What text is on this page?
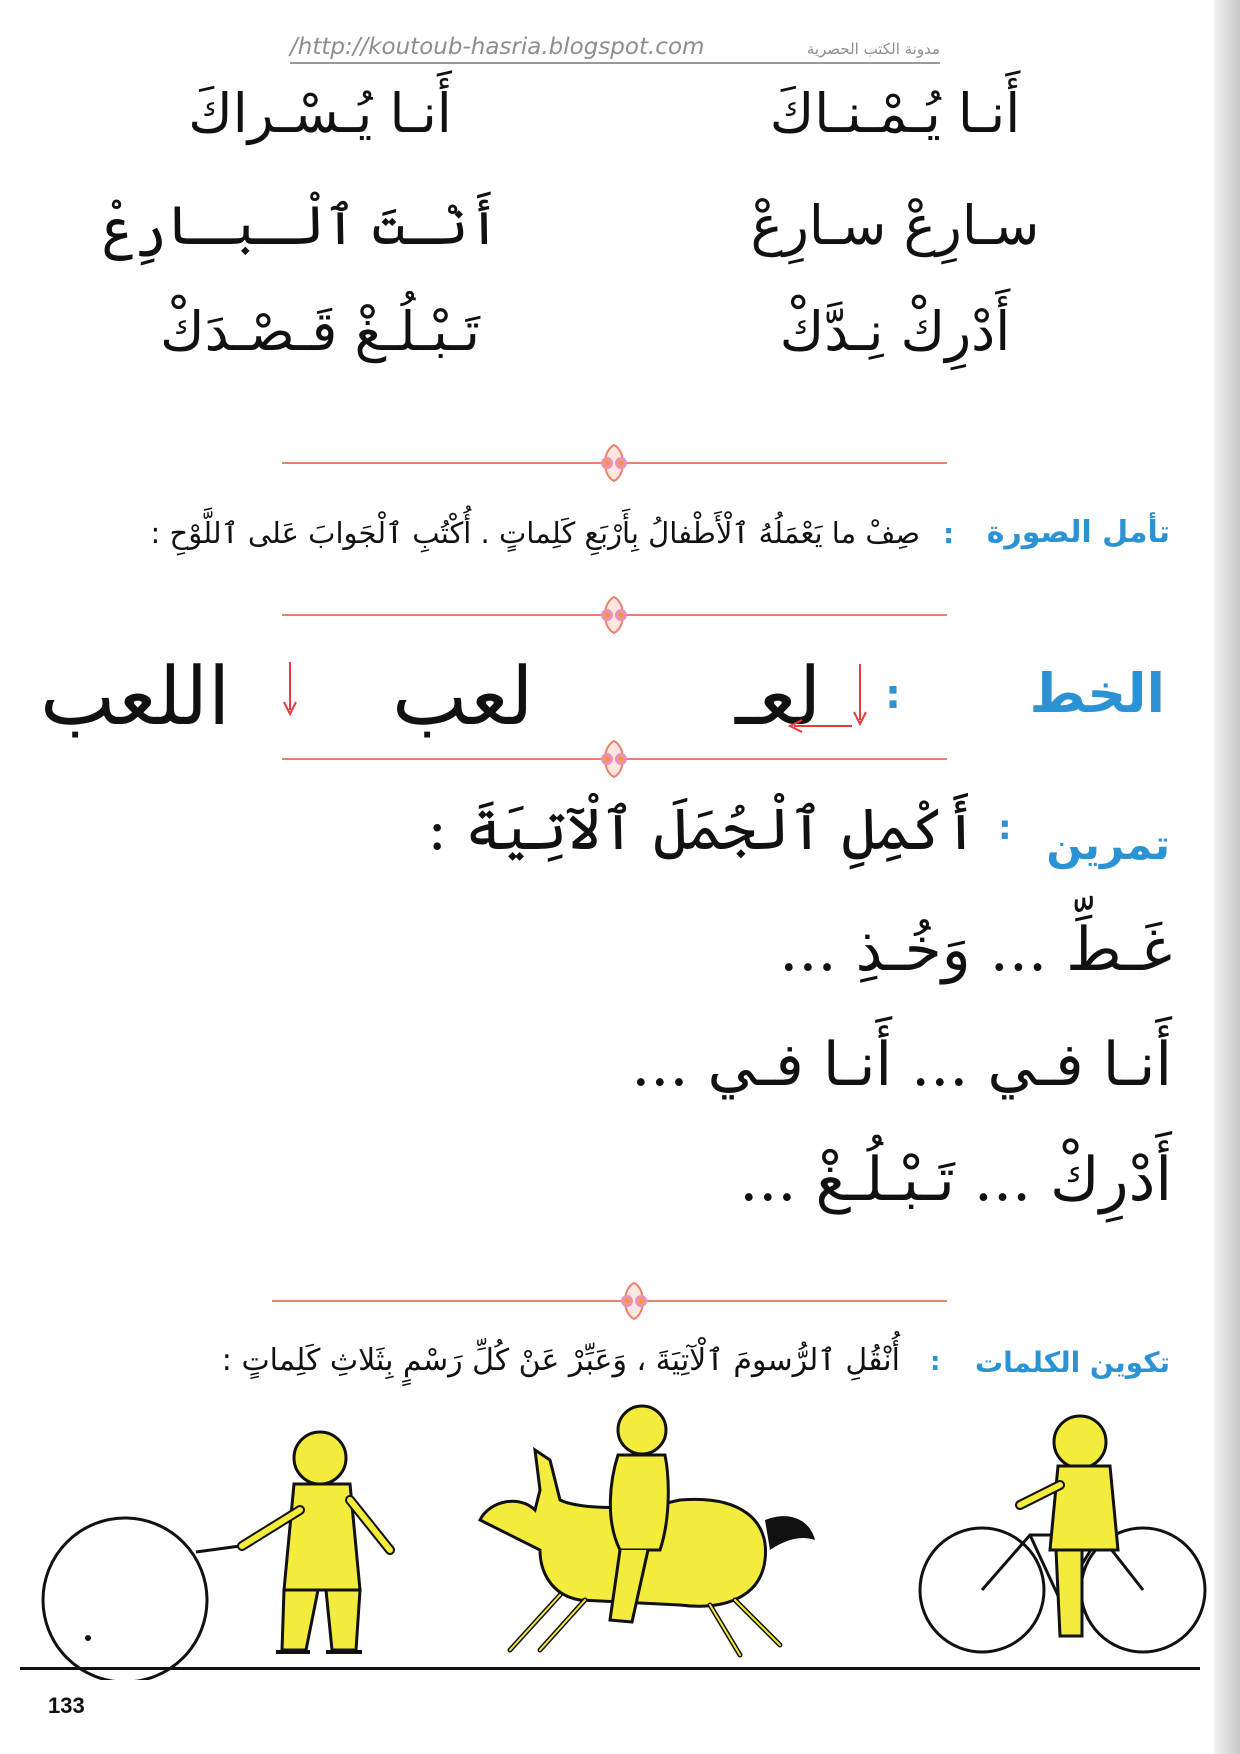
/http://koutoub-hasria.blogspot.com	مدونة الكتب الحصرية
أَنـا يُـمْـنـاكَ
أَنـا يُـسْـراكَ
سـارِعْ سـارِعْ
أَنْـتَ ٱلْـبـارِعْ
أَدْرِكْ نِـدَّكْ
تَـبْـلُـغْ قَـصْـدَكْ
تأمل الصورة
:
صِفْ ما يَعْمَلُهُ ٱلْأَطْفالُ بِأَرْبَعِ كَلِماتٍ . أُكْتُبِ ٱلْجَوابَ عَلى ٱللَّوْحِ :
الخط
:
لعـ
لعب
اللعب
تمرين
:
أَكْمِلِ ٱلْجُمَلَ ٱلْآتِيَةَ :
غَـطِّ ... وَخُـذِ ...
أَنـا فـي ... أَنـا فـي ...
أَدْرِكْ ... تَـبْـلُـغْ ...
تكوين الكلمات
:
أُنْقُلِ ٱلرُّسومَ ٱلْآتِيَةَ ، وَعَبِّرْ عَنْ كُلِّ رَسْمٍ بِثَلاثِ كَلِماتٍ :
133
